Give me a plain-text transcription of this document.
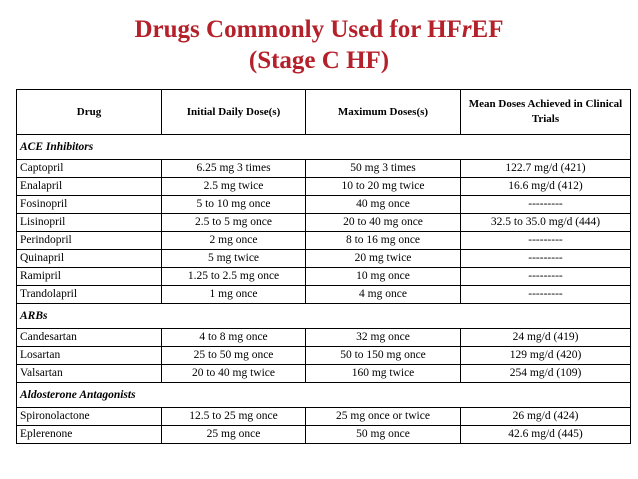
Drugs Commonly Used for HFrEF
(Stage C HF)
Drug	Initial Daily Dose(s)	Maximum Doses(s)	Mean Doses Achieved in Clinical Trials
ACE Inhibitors			
Captopril	6.25 mg 3 times	50 mg 3 times	122.7 mg/d (421)
Enalapril	2.5 mg twice	10 to 20 mg twice	16.6 mg/d (412)
Fosinopril	5 to 10 mg once	40 mg once	---------
Lisinopril	2.5 to 5 mg once	20 to 40 mg once	32.5 to 35.0 mg/d (444)
Perindopril	2 mg once	8 to 16 mg once	---------
Quinapril	5 mg twice	20 mg twice	---------
Ramipril	1.25 to 2.5 mg once	10 mg once	---------
Trandolapril	1 mg once	4 mg once	---------
ARBs			
Candesartan	4 to 8 mg once	32 mg once	24 mg/d (419)
Losartan	25 to 50 mg once	50 to 150 mg once	129 mg/d (420)
Valsartan	20 to 40 mg twice	160 mg twice	254 mg/d (109)
Aldosterone Antagonists			
Spironolactone	12.5 to 25 mg once	25 mg once or twice	26 mg/d (424)
Eplerenone	25 mg once	50 mg once	42.6 mg/d (445)
